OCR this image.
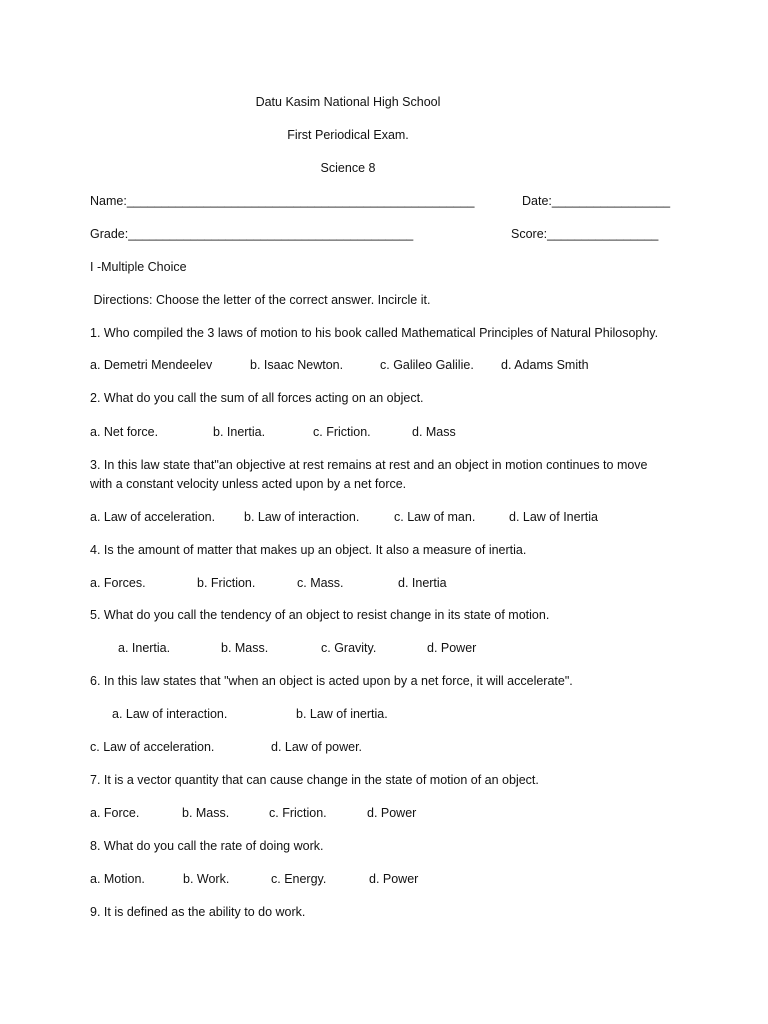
Datu Kasim National High School
First Periodical Exam.
Science 8
Name:__________________________________________________	Date:_________________
Grade:_________________________________________	Score:________________
I -Multiple Choice
Directions: Choose the letter of the correct answer. Incircle it.
1. Who compiled the 3 laws of motion to his book called Mathematical Principles of Natural Philosophy.
a. Demetri Mendeelev	b. Isaac Newton.	c. Galileo Galilie. d. Adams Smith
2. What do you call the sum of all forces acting on an object.
a. Net force.	b. Inertia.	c. Friction.	d. Mass
3. In this law state that"an objective at rest remains at rest and an object in motion continues to move
with a constant velocity unless acted upon by a net force.
a. Law of acceleration. b. Law of interaction.	c. Law of man.	d. Law of Inertia
4. Is the amount of matter that makes up an object. It also a measure of inertia.
a. Forces.	b. Friction.	c. Mass.	d. Inertia
5. What do you call the tendency of an object to resist change in its state of motion.
a. Inertia.	b. Mass.	c. Gravity.	d. Power
6. In this law states that "when an object is acted upon by a net force, it will accelerate".
a. Law of interaction.	b. Law of inertia.
c. Law of acceleration.	d. Law of power.
7. It is a vector quantity that can cause change in the state of motion of an object.
a. Force.	b. Mass.	c. Friction.	d. Power
8. What do you call the rate of doing work.
a. Motion.	b. Work.	c. Energy.	d. Power
9. It is defined as the ability to do work.
